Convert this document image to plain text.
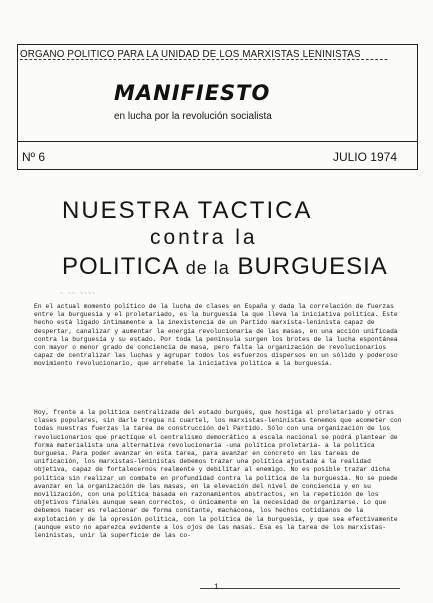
ORGANO POLITICO PARA LA UNIDAD DE LOS MARXISTAS LENINISTAS
MANIFIESTO
en lucha por la revolución socialista
Nº 6	JULIO 1974
NUESTRA TACTICA
contra la
POLITICA de la BURGUESIA
~ ~~ ~~~~
En el actual momento político de la lucha de clases en España y dada la correlación de fuerzas entre la burguesía y el proletariado, es la burguesía la que lleva la iniciativa política. Este hecho está ligado íntimamente a la inexistencia de un Partido marxista-leninista capaz de despertar, canalizar y aumentar la energía revolucionaria de las masas, en una acción unificada contra la burguesía y su estado. Por toda la península surgen los brotes de la lucha espontánea con mayor o menor grado de conciencia de masa, pero falta la organización de revolucionarios capaz de centralizar las luchas y agrupar todos los esfuerzos dispersos en un sólido y poderoso movimiento revolucionario, que arrebate la iniciativa política a la burguesía.
Hoy, frente a la política centralizada del estado burgués, que hostiga al proletariado y otras clases populares, sin darle tregua ni cuartel, los marxistas-leninistas tenemos que acometer con todas nuestras fuerzas la tarea de construcción del Partido. Sólo con una organización de los revolucionarios que practique el centralismo democrático a escala nacional se podrá plantear de forma materialista una alternativa revolucionaria -una política proletaria- a la política burguesa. Para poder avanzar en esta tarea, para avanzar en concreto en las tareas de unificación, los marxistas-leninistas debemos trazar una política ajustada a la realidad objetiva, capaz de fortalecernos realmente y debilitar al enemigo. No es posible trazar dicha política sin realizar un combate en profundidad contra la política de la burguesía. No se puede avanzar en la organización de las masas, en la elevación del nivel de conciencia y en su movilización, con una política basada en razonamientos abstractos, en la repetición de los objetivos finales aunque sean correctos, o únicamente en la necesidad de organizarse. Lo que debemos hacer es relacionar de forma constante, machacona, los hechos cotidianos de la explotación y de la opresión política, con la política de la burguesía, y que sea efectivamente (aunque esto no aparezca evidente a los ojos de las masas. Esa es la tarea de los marxistas-leninistas, unir la superficie de las co-
1
